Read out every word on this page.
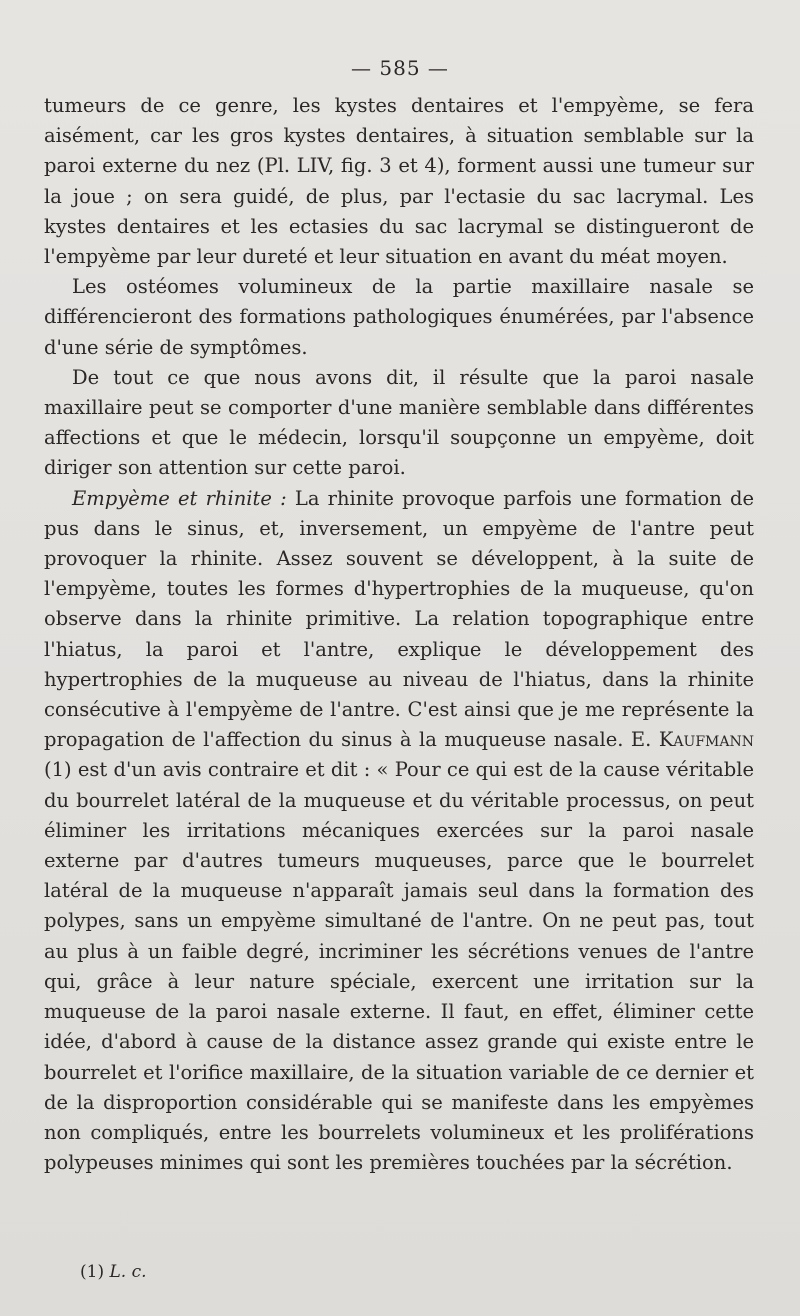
— 585 —

tumeurs de ce genre, les kystes dentaires et l'empyème, se fera aisément, car les gros kystes dentaires, à situation semblable sur la paroi externe du nez (Pl. LIV, fig. 3 et 4), forment aussi une tumeur sur la joue ; on sera guidé, de plus, par l'ectasie du sac lacrymal. Les kystes dentaires et les ectasies du sac lacrymal se distingueront de l'empyème par leur dureté et leur situation en avant du méat moyen.

Les ostéomes volumineux de la partie maxillaire nasale se différencieront des formations pathologiques énumérées, par l'absence d'une série de symptômes.

De tout ce que nous avons dit, il résulte que la paroi nasale maxillaire peut se comporter d'une manière semblable dans différentes affections et que le médecin, lorsqu'il soupçonne un empyème, doit diriger son attention sur cette paroi.

Empyème et rhinite : La rhinite provoque parfois une formation de pus dans le sinus, et, inversement, un empyème de l'antre peut provoquer la rhinite. Assez souvent se développent, à la suite de l'empyème, toutes les formes d'hypertrophies de la muqueuse, qu'on observe dans la rhinite primitive. La relation topographique entre l'hiatus, la paroi et l'antre, explique le développement des hypertrophies de la muqueuse au niveau de l'hiatus, dans la rhinite consécutive à l'empyème de l'antre. C'est ainsi que je me représente la propagation de l'affection du sinus à la muqueuse nasale. E. Kaufmann (1) est d'un avis contraire et dit : « Pour ce qui est de la cause véritable du bourrelet latéral de la muqueuse et du véritable processus, on peut éliminer les irritations mécaniques exercées sur la paroi nasale externe par d'autres tumeurs muqueuses, parce que le bourrelet latéral de la muqueuse n'apparaît jamais seul dans la formation des polypes, sans un empyème simultané de l'antre. On ne peut pas, tout au plus à un faible degré, incriminer les sécrétions venues de l'antre qui, grâce à leur nature spéciale, exercent une irritation sur la muqueuse de la paroi nasale externe. Il faut, en effet, éliminer cette idée, d'abord à cause de la distance assez grande qui existe entre le bourrelet et l'orifice maxillaire, de la situation variable de ce dernier et de la disproportion considérable qui se manifeste dans les empyèmes non compliqués, entre les bourrelets volumineux et les proliférations polypeuses minimes qui sont les premières touchées par la sécrétion.

(1) L. c.
